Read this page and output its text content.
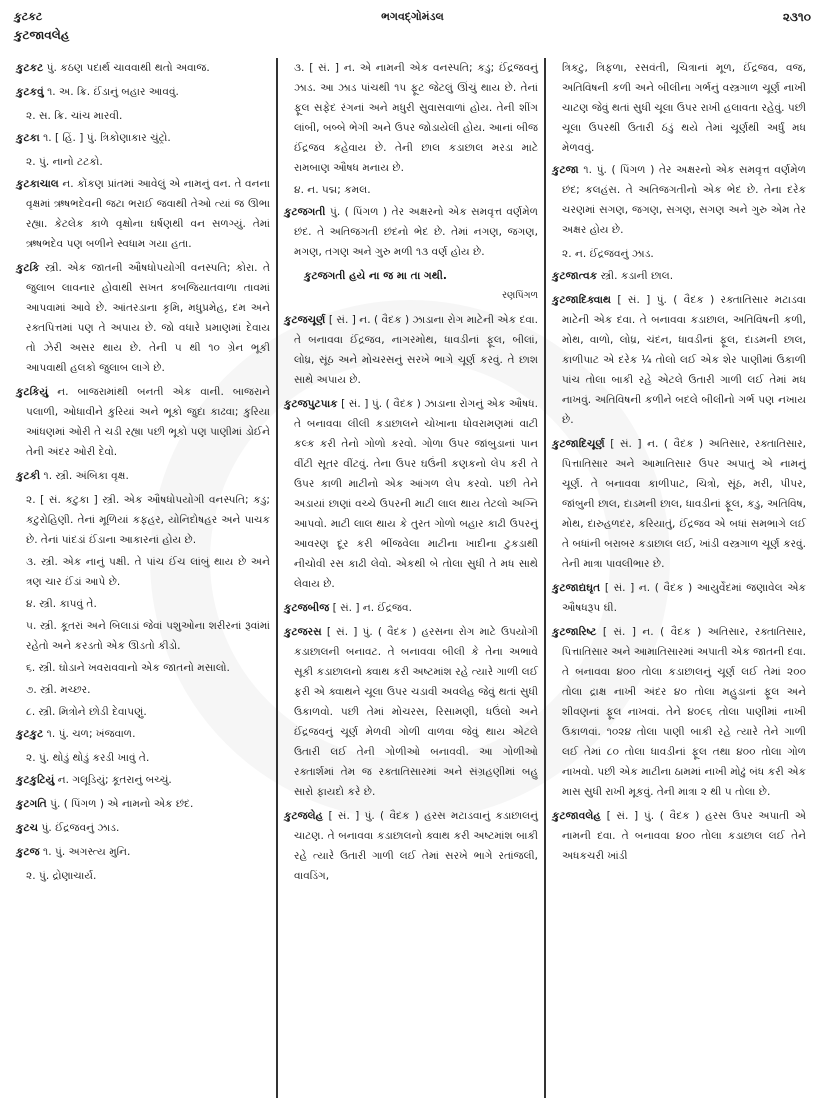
કુટકટ
કુટજાવલેહ
ભગવદ્ગોમંડલ	૨૩૧૦

કુટકટ પું. કઠણ પદાર્થ ચાવવાથી થતો અવાજ.

કુટકવું ૧. અ. ક્રિ. ઈંડાનું બહાર આવવું.

૨. સ. ક્રિ. ચાંચ મારવી.

કુટકા ૧. [ હિં. ] પું. ત્રિકોણાકાર ચુંટ્રો.

૨. પું. નાનો ટટકો.

કુટકાચાલ ન. કોંકણ પ્રાંતમાં આવેલું એ નામનું વન. તે વનના વૃક્ષમાં ઋષભદેવની જટા ભરાઈ જવાથી તેઓ ત્યાં જ ઊભા રહ્યા. કેટલેક કાળે વૃક્ષોના ઘર્ષણથી વન સળગ્યું. તેમાં ઋષભદેવ પણ બળીને સ્વધામ ગયા હતા.

કુટકિ સ્ત્રી. એક જાતની ઔષધોપયોગી વનસ્પતિ; કોરા. તે જુલાબ લાવનાર હોવાથી સખત કબજિયાતવાળા તાવમાં આપવામાં આવે છે. આંતરડાના કૃમિ, મધુપ્રમેહ, દમ અને રક્તપિત્તમાં પણ તે અપાય છે. જો વધારે પ્રમાણમાં દેવાય તો ઝેરી અસર થાય છે. તેની ૫ થી ૧૦ ગ્રેન ભૂકી આપવાથી હલકો જુલાબ લાગે છે.

કુટકિયું ન. બાજરામાંથી બનતી એક વાની. બાજરાને પલાળી, ઓધાવીને કુરિયાં અને ભૂકો જુદા કાઢવા; કુરિયા આંધણમાં ઓરી તે ચડી રહ્યા પછી ભૂકો પણ પાણીમાં ડોઈને તેની અંદર ઓરી દેવો.

કુટકી ૧. સ્ત્રી. અંબિકા વૃક્ષ.

૨. [ સં. કટુકા ] સ્ત્રી. એક ઔષધોપયોગી વનસ્પતિ; કડુ; કટુરોહિણી. તેનાં મૂળિયાં કફહર, યોનિદોષહર અને પાચક છે. તેનાં પાંદડાં ઈંડાના આકારનાં હોય છે.

૩. સ્ત્રી. એક નાનું પક્ષી. તે પાંચ ઈંચ લાંબું થાય છે અને ત્રણ ચાર ઈંડાં આપે છે.

૪. સ્ત્રી. કાપવું તે.

૫. સ્ત્રી. કૂતરાં અને બિલાડાં જેવાં પશુઓના શરીરનાં રૂવાંમાં રહેતો અને કરડતો એક ઊડતો કીડો.

૬. સ્ત્રી. ઘોડાને ખવરાવવાનો એક જાતનો મસાલો.

૭. સ્ત્રી. મચ્છર.

૮. સ્ત્રી. મિત્રોને છોડી દેવાપણું.

કુટકુટ ૧. પું. ચળ; ખંજવાળ.

૨. પું. થોડું થોડું કરડી ખાવું તે.

કુટકુટિયું ન. ગલૂડિયું; કૂતરાનું બચ્ચું.

કુટગતિ પું. ( પિંગળ ) એ નામનો એક છંદ.

કુટચ પું. ઈંદ્રજવનું ઝાડ.

કુટજ ૧. પું. અગસ્ત્ય મુનિ.

૨. પું. દ્રોણાચાર્ય.

૩. [ સં. ] ન. એ નામની એક વનસ્પતિ; કડુ; ઈંદ્રજવનું ઝાડ. આ ઝાડ પાંચથી ૧૫ ફૂટ જેટલું ઊંચું થાય છે. તેનાં ફૂલ સફેદ રંગનાં અને મધુરી સુવાસવાળાં હોય. તેની શીંગ લાંબી, બબ્બે ભેગી અને ઉપર જોડાયેલી હોય. આનાં બીજ ઈંદ્રજવ કહેવાય છે. તેની છાલ કડાછાલ મરડા માટે રામબાણ ઔષધ મનાય છે.

૪. ન. પદ્મ; કમલ.

કુટજગતી પું. ( પિંગળ ) તેર અક્ષરનો એક સમવૃત્ત વર્ણમેળ છંદ. તે અતિજગતી છંદનો ભેદ છે. તેમાં નગણ, જગણ, મગણ, તગણ અને ગુરુ મળી ૧૩ વર્ણ હોય છે.

કુટજગતી હયે ના જ મા તા ગથી.

રણપિંગળ

કુટજચૂર્ણ [ સં. ] ન. ( વૈદક ) ઝાડાના રોગ માટેની એક દવા. તે બનાવવા ઈંદ્રજવ, નાગરમોથ, ધાવડીનાં ફૂલ, બીલાં, લોધ્ર, સૂંઠ અને મોચરસનું સરખે ભાગે ચૂર્ણ કરવું. તે છાશ સાથે અપાય છે.

કુટજપુટપાક [ સં. ] પું. ( વૈદક ) ઝાડાના રોગનું એક ઔષધ. તે બનાવવા લીલી કડાછાલને ચોખાના ધોવરામણમાં વાટી કલ્ક કરી તેનો ગોળો કરવો. ગોળા ઉપર જાંબુડાનાં પાન વીંટી સૂતર વીંટવું. તેના ઉપર ઘઉંની કણકનો લેપ કરી તે ઉપર કાળી માટીનો એક આંગળ લેપ કરવો. પછી તેને અડાયાં છાણાં વચ્ચે ઉપરની માટી લાલ થાય તેટલો અગ્નિ આપવો. માટી લાલ થાય કે તુરત ગોળો બહાર કાઢી ઉપરનું આવરણ દૂર કરી ભીંજવેલા માટીના ખાદીના ટુકડાથી નીચોવી રસ કાઢી લેવો. એકથી બે તોલા સુધી તે મધ સાથે લેવાય છે.

કુટજબીજ [ સં. ] ન. ઈંદ્રજવ.

કુટજરસ [ સં. ] પું. ( વૈદક ) હરસના રોગ માટે ઉપયોગી કડાછાલની બનાવટ. તે બનાવવા બીલી કે તેના અભાવે સૂકી કડાછાલનો ક્વાથ કરી અષ્ટમાંશ રહે ત્યારે ગાળી લઈ ફરી એ ક્વાથને ચૂલા ઉપર ચડાવી અવલેહ જેવું થતાં સુધી ઉકાળવો. પછી તેમાં મોચરસ, રિસામણી, ધઉંલો અને ઈંદ્રજવનું ચૂર્ણ મેળવી ગોળી વાળવા જેવું થાય એટલે ઉતારી લઈ તેની ગોળીઓ બનાવવી. આ ગોળીઓ રક્તાર્શમાં તેમ જ રક્તાતિસારમાં અને સંગ્રહણીમાં બહુ સારો ફાયદો કરે છે.

કુટજલેહ [ સં. ] પું. ( વૈદક ) હરસ મટાડવાનું કડાછાલનું ચાટણ. તે બનાવવા કડાછાલનો ક્વાથ કરી અષ્ટમાંશ બાકી રહે ત્યારે ઉતારી ગાળી લઈ તેમાં સરખે ભાગે રતાંજલી, વાવડિંગ,

ત્રિકટુ, ત્રિફળા, રસવંતી, ચિત્રાનાં મૂળ, ઈંદ્રજવ, વજ, અતિવિષની કળી અને બીલીના ગર્ભનું વસ્ત્રગાળ ચૂર્ણ નાખી ચાટણ જેવું થતાં સુધી ચૂલા ઉપર રાખી હલાવતા રહેવું. પછી ચૂલા ઉપરથી ઉતારી ઠંડું થયે તેમાં ચૂર્ણથી અર્ધું મધ મેળવવું.

કુટજા ૧. પું. ( પિંગળ ) તેર અક્ષરનો એક સમવૃત્ત વર્ણમેળ છંદ; કલહંસ. તે અતિજગતીનો એક ભેદ છે. તેના દરેક ચરણમાં સગણ, જગણ, સગણ, સગણ અને ગુરુ એમ તેર અક્ષર હોય છે.

૨. ન. ઈંદ્રજવનું ઝાડ.

કુટજાત્વક સ્ત્રી. કડાની છાલ.

કુટજાદિક્વાથ [ સં. ] પું. ( વૈદક ) રક્તાતિસાર મટાડવા માટેની એક દવા. તે બનાવવા કડાછાલ, અતિવિષની કળી, મોથ, વાળો, લોધ્ર, ચંદન, ધાવડીનાં ફૂલ, દાડમની છાલ, કાળીપાટ એ દરેક ¼ તોલો લઈ એક શેર પાણીમાં ઉકાળી પાંચ તોલા બાકી રહે એટલે ઉતારી ગાળી લઈ તેમાં મધ નાખવું. અતિવિષની કળીને બદલે બીલીનો ગર્ભ પણ નખાય છે.

કુટજાદિચૂર્ણ [ સં. ] ન. ( વૈદક ) અતિસાર, રક્તાતિસાર, પિત્તાતિસાર અને આમાતિસાર ઉપર અપાતું એ નામનું ચૂર્ણ. તે બનાવવા કાળીપાટ, ચિત્રો, સૂંઠ, મરી, પીપર, જાંબુની છાલ, દાડમની છાલ, ધાવડીનાં ફૂલ, કડુ, અતિવિષ, મોથ, દારુહળદર, કરિયાતું, ઈંદ્રજવ એ બધાં સમભાગે લઈ તે બધાંની બરાબર કડાછાલ લઈ, ખાંડી વસ્ત્રગાળ ચૂર્ણ કરવું. તેની માત્રા પાવલીભાર છે.

કુટજાદ્યઘૃત [ સં. ] ન. ( વૈદક ) આયુર્વેદમાં જણાવેલ એક ઔષધરૂપ ઘી.

કુટજારિષ્ટ [ સં. ] ન. ( વૈદક ) અતિસાર, રક્તાતિસાર, પિત્તાતિસાર અને આમાતિસારમાં અપાતી એક જાતની દવા. તે બનાવવા ૪૦૦ તોલા કડાછાલનું ચૂર્ણ લઈ તેમાં ૨૦૦ તોલા દ્રાક્ષ નાખી અંદર ૪૦ તોલા મહુડાનાં ફૂલ અને શીવણનાં ફૂલ નાખવાં. તેને ૪૦૯૬ તોલા પાણીમાં નાખી ઉકાળવાં. ૧૦૨૪ તોલા પાણી બાકી રહે ત્યારે તેને ગાળી લઈ તેમાં ૮૦ તોલા ધાવડીનાં ફૂલ તથા ૪૦૦ તોલા ગોળ નાખવો. પછી એક માટીના ઠામમાં નાખી મોઢું બંધ કરી એક માસ સુધી રાખી મૂકવું. તેની માત્રા ૨ થી ૫ તોલા છે.

કુટજાવલેહ [ સં. ] પું. ( વૈદક ) હરસ ઉપર અપાતી એ નામની દવા. તે બનાવવા ૪૦૦ તોલા કડાછાલ લઈ તેને અધકચરી ખાંડી
